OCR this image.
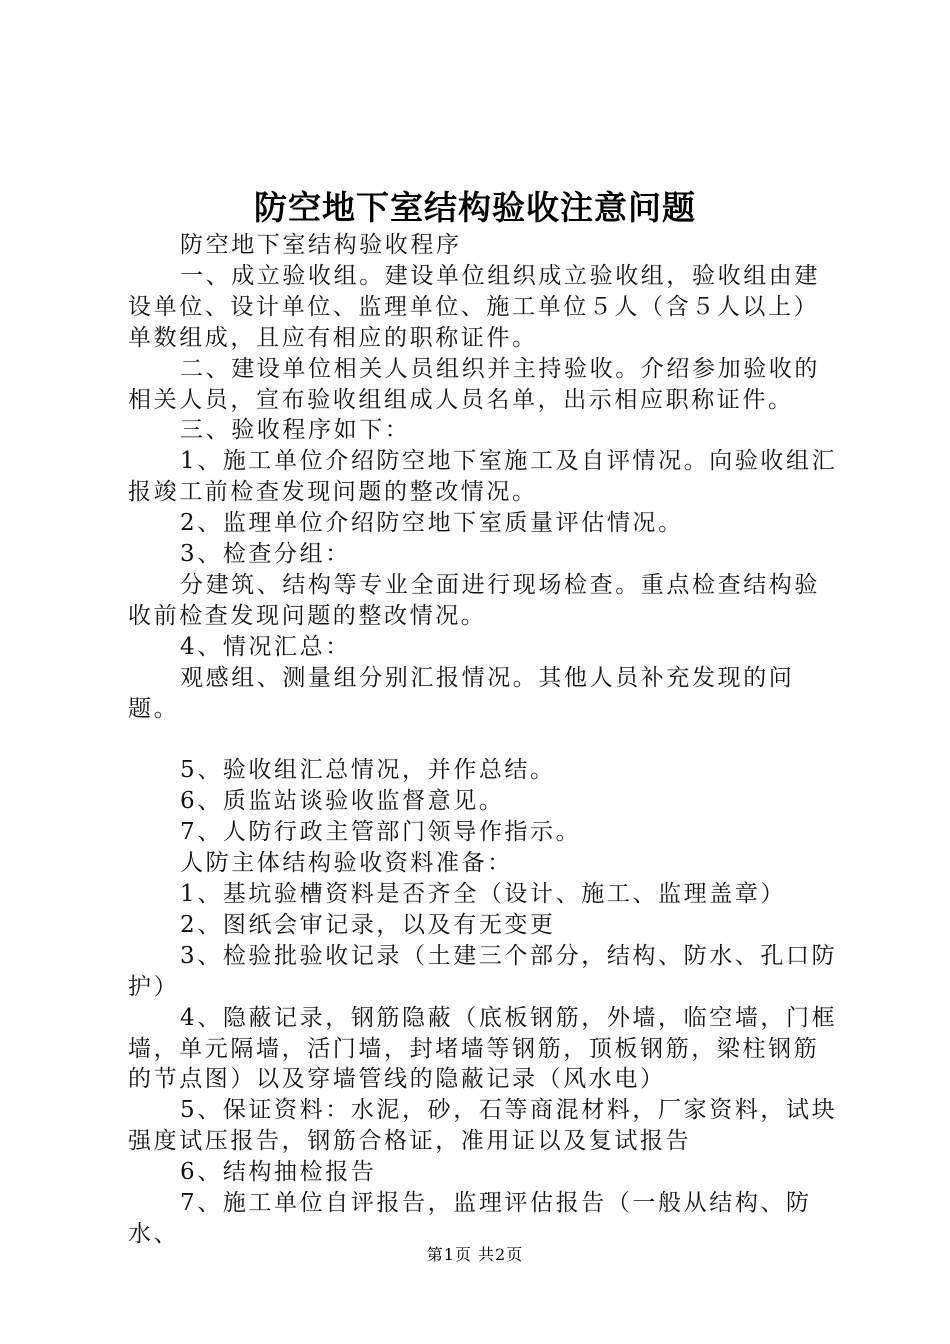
防空地下室结构验收注意问题

防空地下室结构验收程序

一、成立验收组。建设单位组织成立验收组，验收组由建设单位、设计单位、监理单位、施工单位５人（含５人以上）单数组成，且应有相应的职称证件。

二、建设单位相关人员组织并主持验收。介绍参加验收的相关人员，宣布验收组组成人员名单，出示相应职称证件。

三、验收程序如下：

1、施工单位介绍防空地下室施工及自评情况。向验收组汇报竣工前检查发现问题的整改情况。

2、监理单位介绍防空地下室质量评估情况。

3、检查分组：

分建筑、结构等专业全面进行现场检查。重点检查结构验收前检查发现问题的整改情况。

4、情况汇总：

观感组、测量组分别汇报情况。其他人员补充发现的问题。

5、验收组汇总情况，并作总结。

6、质监站谈验收监督意见。

7、人防行政主管部门领导作指示。

人防主体结构验收资料准备：

1、基坑验槽资料是否齐全（设计、施工、监理盖章）

2、图纸会审记录，以及有无变更

3、检验批验收记录（土建三个部分，结构、防水、孔口防护）

4、隐蔽记录，钢筋隐蔽（底板钢筋，外墙，临空墙，门框墙，单元隔墙，活门墙，封堵墙等钢筋，顶板钢筋，梁柱钢筋的节点图）以及穿墙管线的隐蔽记录（风水电）

5、保证资料：水泥，砂，石等商混材料，厂家资料，试块强度试压报告，钢筋合格证，准用证以及复试报告

6、结构抽检报告

7、施工单位自评报告，监理评估报告（一般从结构、防水、

第1页 共2页
